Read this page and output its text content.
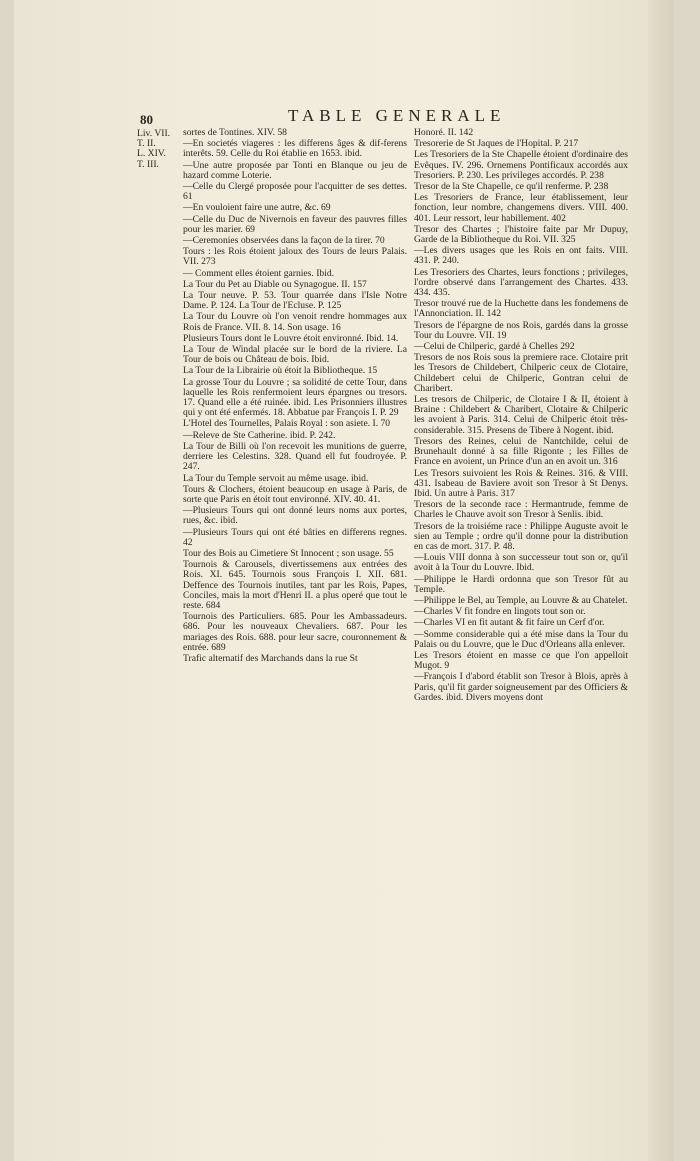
80	TABLE GENERALE
Liv. VII.
T. II.
L. XIV.
T. III.

sortes de Tontines. XIV. 58

—En societés viageres : les differens âges & dif-ferens interêts. 59. Celle du Roi établie en 1653. ibid.

—Une autre proposée par Tonti en Blanque ou jeu de hazard comme Loterie.

—Celle du Clergé proposée pour l'acquitter de ses dettes. 61

—En vouloient faire une autre, &c. 69

—Celle du Duc de Nivernois en faveur des pauvres filles pour les marier. 69

—Ceremonies observées dans la façon de la tirer. 70

Tours : les Rois étoient jaloux des Tours de leurs Palais. VII. 273

— Comment elles étoient garnies. Ibid.

La Tour du Pet au Diable ou Synagogue. II. 157

La Tour neuve. P. 53. Tour quarrée dans l'Isle Notre Dame. P. 124. La Tour de l'Ecluse. P. 125

La Tour du Louvre où l'on venoit rendre hommages aux Rois de France. VII. 8. 14. Son usage. 16

Plusieurs Tours dont le Louvre étoit environné. Ibid. 14.

La Tour de Windal placée sur le bord de la riviere. La Tour de bois ou Château de bois. Ibid.

La Tour de la Librairie où étoit la Bibliotheque. 15

La grosse Tour du Louvre ; sa solidité de cette Tour, dans laquelle les Rois renfermoient leurs épargnes ou tresors. 17. Quand elle a été ruinée. ibid. Les Prisonniers illustres qui y ont été enfermés. 18. Abbatue par François I. P. 29

L'Hotel des Tournelles, Palais Royal : son asiete. I. 70

—Releve de Ste Catherine. ibid. P. 242.

La Tour de Billi où l'on recevoit les munitions de guerre, derriere les Celestins. 328. Quand ell fut foudroyée. P. 247.

La Tour du Temple servoit au même usage. ibid.

Tours & Clochers, étoient beaucoup en usage à Paris, de sorte que Paris en étoit tout environné. XIV. 40. 41.

—Plusieurs Tours qui ont donné leurs noms aux portes, rues, &c. ibid.

—Plusieurs Tours qui ont été bâties en differens regnes. 42

Tour des Bois au Cimetiere St Innocent ; son usage. 55

Tournois & Carousels, divertissemens aux entrées des Rois. XI. 645. Tournois sous François I. XII. 681. Deffence des Tournois inutiles, tant par les Rois, Papes, Conciles, mais la mort d'Henri II. a plus operé que tout le reste. 684

Tournois des Particuliers. 685. Pour les Ambassadeurs. 686. Pour les nouveaux Chevaliers. 687. Pour les mariages des Rois. 688. pour leur sacre, couronnement & entrée. 689

Trafic alternatif des Marchands dans la rue St

Honoré. II. 142

Tresorerie de St Jaques de l'Hopital. P. 217

Les Tresoriers de la Ste Chapelle étoient d'ordinaire des Evêques. IV. 296. Ornemens Pontificaux accordés aux Tresoriers. P. 230. Les privileges accordés. P. 238

Tresor de la Ste Chapelle, ce qu'il renferme. P. 238

Les Tresoriers de France, leur établissement, leur fonction, leur nombre, changemens divers. VIII. 400. 401. Leur ressort, leur habillement. 402

Tresor des Chartes ; l'histoire faite par Mr Dupuy, Garde de la Bibliotheque du Roi. VII. 325

—Les divers usages que les Rois en ont faits. VIII. 431. P. 240.

Les Tresoriers des Chartes, leurs fonctions ; privileges, l'ordre observé dans l'arrangement des Chartes. 433. 434. 435.

Tresor trouvé rue de la Huchette dans les fondemens de l'Annonciation. II. 142

Tresors de l'épargne de nos Rois, gardés dans la grosse Tour du Louvre. VII. 19

—Celui de Chilperic, gardé à Chelles 292

Tresors de nos Rois sous la premiere race. Clotaire prit les Tresors de Childebert, Chilperic ceux de Clotaire, Childebert celui de Chilperic, Gontran celui de Charibert.

Les tresors de Chilperic, de Clotaire I & II, étoient à Braine : Childebert & Charibert, Clotaire & Chilperic les avoient à Paris. 314. Celui de Chilperic étoit très-considerable. 315. Presens de Tibere à Nogent. ibid.

Tresors des Reines, celui de Nantchilde, celui de Brunehault donné à sa fille Rigonte ; les Filles de France en avoient, un Prince d'un an en avoit un. 316

Les Tresors suivoient les Rois & Reines. 316. & VIII. 431. Isabeau de Baviere avoit son Tresor à St Denys. Ibid. Un autre à Paris. 317

Tresors de la seconde race : Hermantrude, femme de Charles le Chauve avoit son Tresor à Senlis. ibid.

Tresors de la troisiéme race : Philippe Auguste avoit le sien au Temple ; ordre qu'il donne pour la distribution en cas de mort. 317. P. 48.

—Louis VIII donna à son successeur tout son or, qu'il avoit à la Tour du Louvre. Ibid.

—Philippe le Hardi ordonna que son Tresor fût au Temple.

—Philippe le Bel, au Temple, au Louvre & au Chatelet.

—Charles V fit fondre en lingots tout son or.

—Charles VI en fit autant & fit faire un Cerf d'or.

—Somme considerable qui a été mise dans la Tour du Palais ou du Louvre, que le Duc d'Orleans alla enlever.

Les Tresors étoient en masse ce que l'on appelloit Mugot. 9

—François I d'abord établit son Tresor à Blois, après à Paris, qu'il fit garder soigneusement par des Officiers & Gardes. ibid. Divers moyens dont
